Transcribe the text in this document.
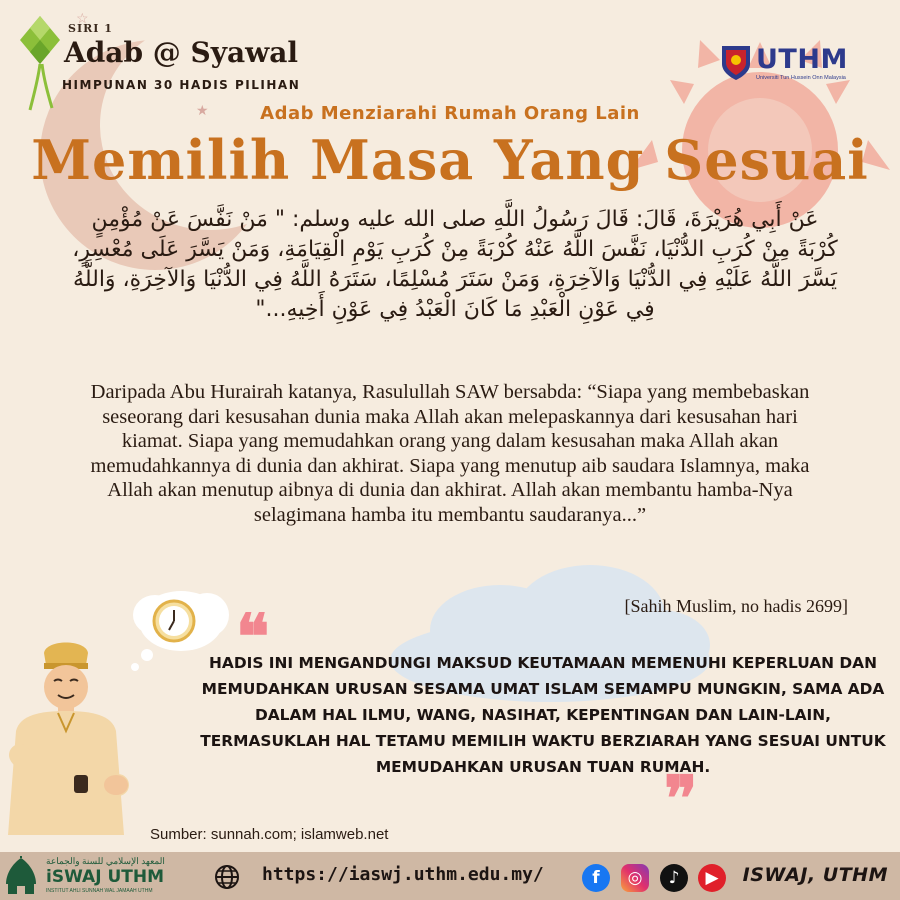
☆
★
SIRI 1
Adab @ Syawal
HIMPUNAN 30 HADIS PILIHAN
UTHM
Universiti Tun Hussein Onn Malaysia
Adab Menziarahi Rumah Orang Lain
Memilih Masa Yang Sesuai
عَنْ أَبِي هُرَيْرَةَ، قَالَ: قَالَ رَسُولُ اللَّهِ صلى الله عليه وسلم: " مَنْ نَفَّسَ عَنْ مُؤْمِنٍ كُرْبَةً مِنْ كُرَبِ الدُّنْيَا، نَفَّسَ اللَّهُ عَنْهُ كُرْبَةً مِنْ كُرَبِ يَوْمِ الْقِيَامَةِ، وَمَنْ يَسَّرَ عَلَى مُعْسِرٍ، يَسَّرَ اللَّهُ عَلَيْهِ فِي الدُّنْيَا وَالآخِرَةِ، وَمَنْ سَتَرَ مُسْلِمًا، سَتَرَهُ اللَّهُ فِي الدُّنْيَا وَالآخِرَةِ، وَاللَّهُ فِي عَوْنِ الْعَبْدِ مَا كَانَ الْعَبْدُ فِي عَوْنِ أَخِيهِ..."
Daripada Abu Hurairah katanya, Rasulullah SAW bersabda: “Siapa yang membebaskan seseorang dari kesusahan dunia maka Allah akan melepaskannya dari kesusahan hari kiamat. Siapa yang memudahkan orang yang dalam kesusahan maka Allah akan memudahkannya di dunia dan akhirat. Siapa yang menutup aib saudara Islamnya, maka Allah akan menutup aibnya di dunia dan akhirat. Allah akan membantu hamba-Nya selagimana hamba itu membantu saudaranya...”
[Sahih Muslim, no hadis 2699]
❝
HADIS INI MENGANDUNGI MAKSUD KEUTAMAAN MEMENUHI KEPERLUAN DAN MEMUDAHKAN URUSAN SESAMA UMAT ISLAM SEMAMPU MUNGKIN, SAMA ADA DALAM HAL ILMU, WANG, NASIHAT, KEPENTINGAN DAN LAIN-LAIN, TERMASUKLAH HAL TETAMU MEMILIH WAKTU BERZIARAH YANG SESUAI UNTUK MEMUDAHKAN URUSAN TUAN RUMAH.
❞
Sumber: sunnah.com; islamweb.net
المعهد الإسلامي للسنة والجماعة
iSWAJ UTHM
INSTITUT AHLI SUNNAH WAL JAMAAH UTHM
https://iaswj.uthm.edu.my/	f	◎	♪	▶	ISWAJ, UTHM
